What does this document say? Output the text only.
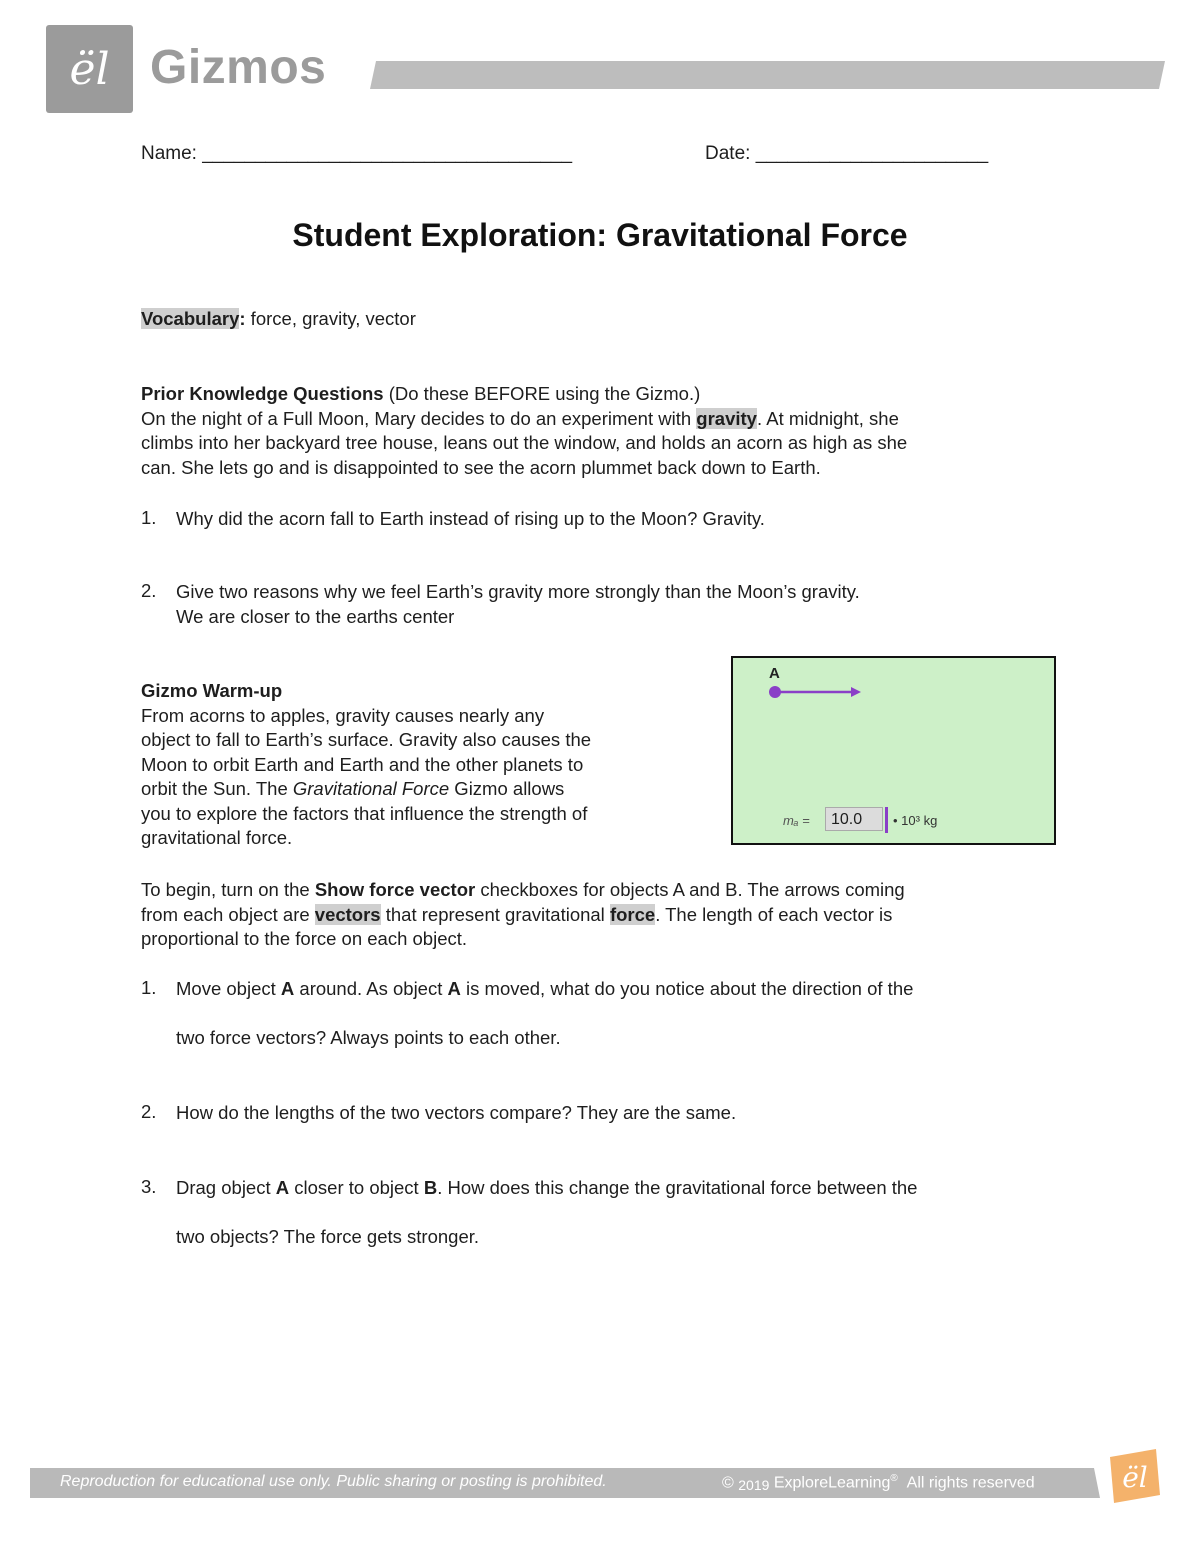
ël Gizmos
Name: ___________________________________	Date: ______________________
Student Exploration: Gravitational Force
Vocabulary: force, gravity, vector
Prior Knowledge Questions (Do these BEFORE using the Gizmo.)
On the night of a Full Moon, Mary decides to do an experiment with gravity. At midnight, she
climbs into her backyard tree house, leans out the window, and holds an acorn as high as she
can. She lets go and is disappointed to see the acorn plummet back down to Earth.
1. Why did the acorn fall to Earth instead of rising up to the Moon? Gravity.
2. Give two reasons why we feel Earth’s gravity more strongly than the Moon’s gravity.
We are closer to the earths center
Gizmo Warm-up
From acorns to apples, gravity causes nearly any
object to fall to Earth’s surface. Gravity also causes the
Moon to orbit Earth and Earth and the other planets to
orbit the Sun. The Gravitational Force Gizmo allows
you to explore the factors that influence the strength of
gravitational force.
A
mₐ =	10.0	• 10³ kg
To begin, turn on the Show force vector checkboxes for objects A and B. The arrows coming
from each object are vectors that represent gravitational force. The length of each vector is
proportional to the force on each object.
1. Move object A around. As object A is moved, what do you notice about the direction of the
two force vectors? Always points to each other.
2. How do the lengths of the two vectors compare? They are the same.
3. Drag object A closer to object B. How does this change the gravitational force between the
two objects? The force gets stronger.
Reproduction for educational use only. Public sharing or posting is prohibited.	© 2019 ExploreLearning® All rights reserved	ël
